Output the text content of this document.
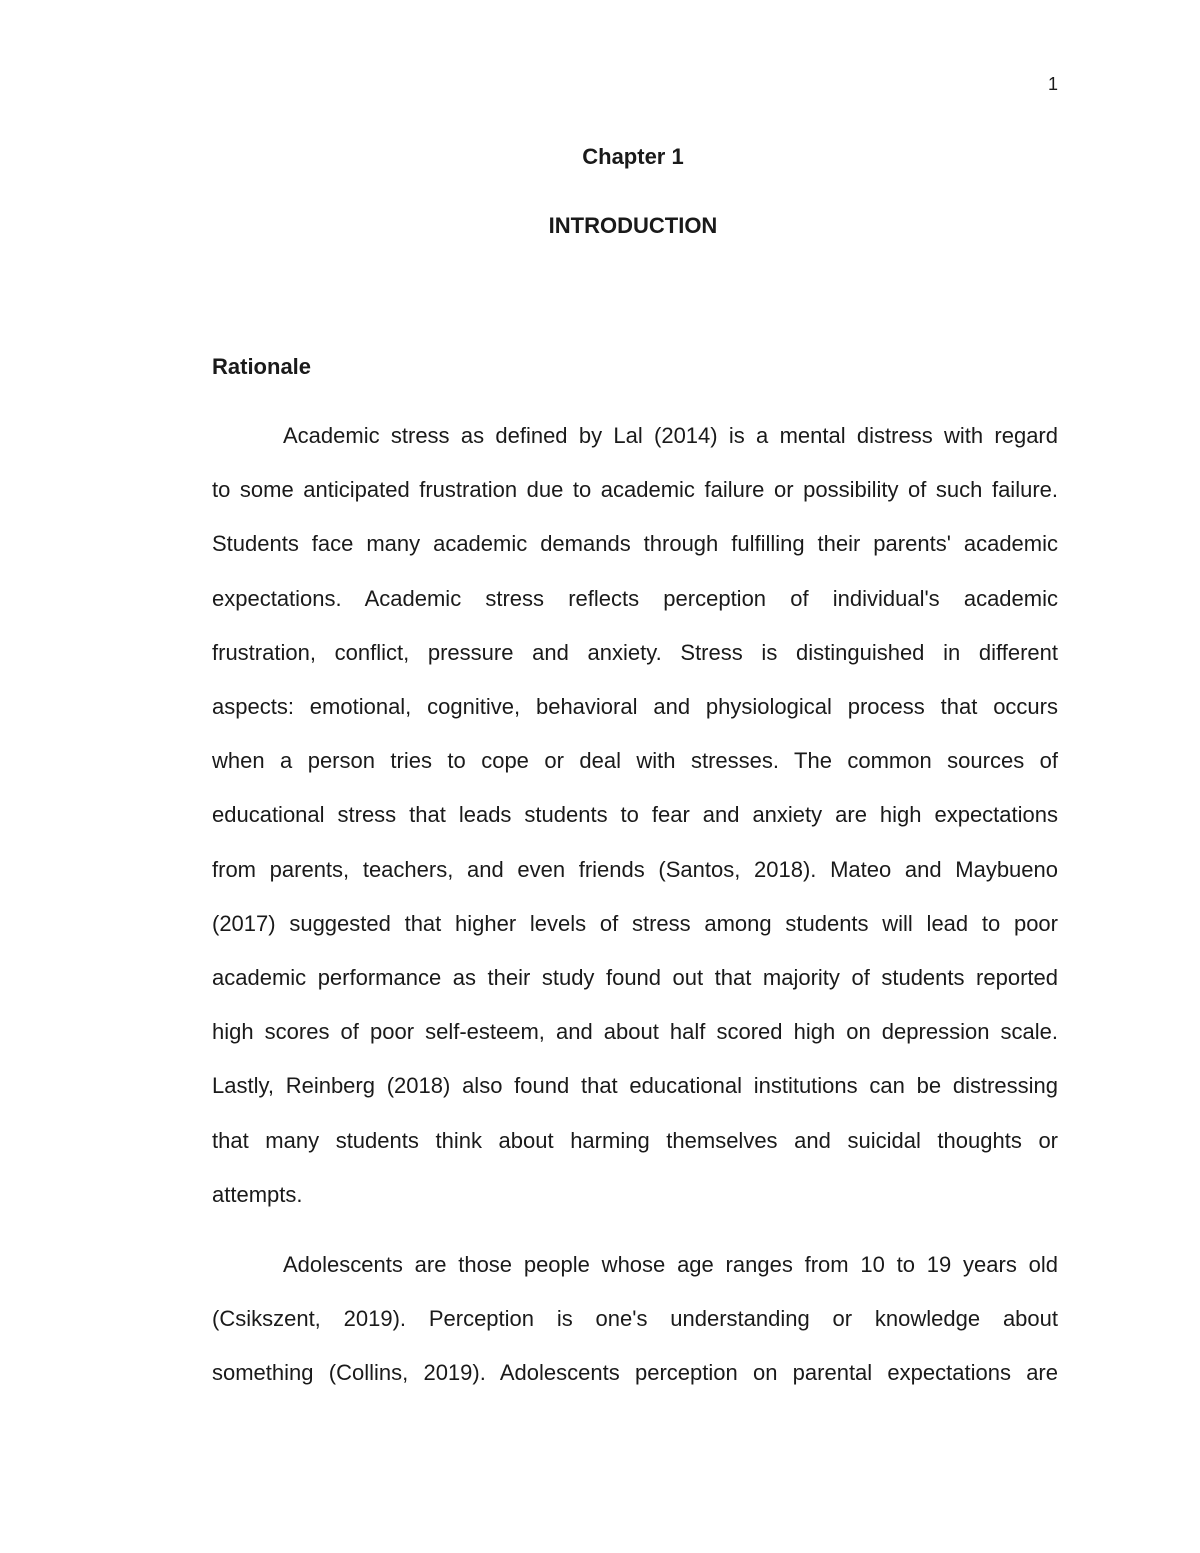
1
Chapter 1
INTRODUCTION
Rationale

Academic stress as defined by Lal (2014) is a mental distress with regard
to some anticipated frustration due to academic failure or possibility of such failure.
Students face many academic demands through fulfilling their parents' academic
expectations. Academic stress reflects perception of individual's academic
frustration, conflict, pressure and anxiety. Stress is distinguished in different
aspects: emotional, cognitive, behavioral and physiological process that occurs
when a person tries to cope or deal with stresses. The common sources of
educational stress that leads students to fear and anxiety are high expectations
from parents, teachers, and even friends (Santos, 2018). Mateo and Maybueno
(2017) suggested that higher levels of stress among students will lead to poor
academic performance as their study found out that majority of students reported
high scores of poor self-esteem, and about half scored high on depression scale.
Lastly, Reinberg (2018) also found that educational institutions can be distressing
that many students think about harming themselves and suicidal thoughts or
attempts.

Adolescents are those people whose age ranges from 10 to 19 years old
(Csikszent, 2019). Perception is one's understanding or knowledge about
something (Collins, 2019). Adolescents perception on parental expectations are
